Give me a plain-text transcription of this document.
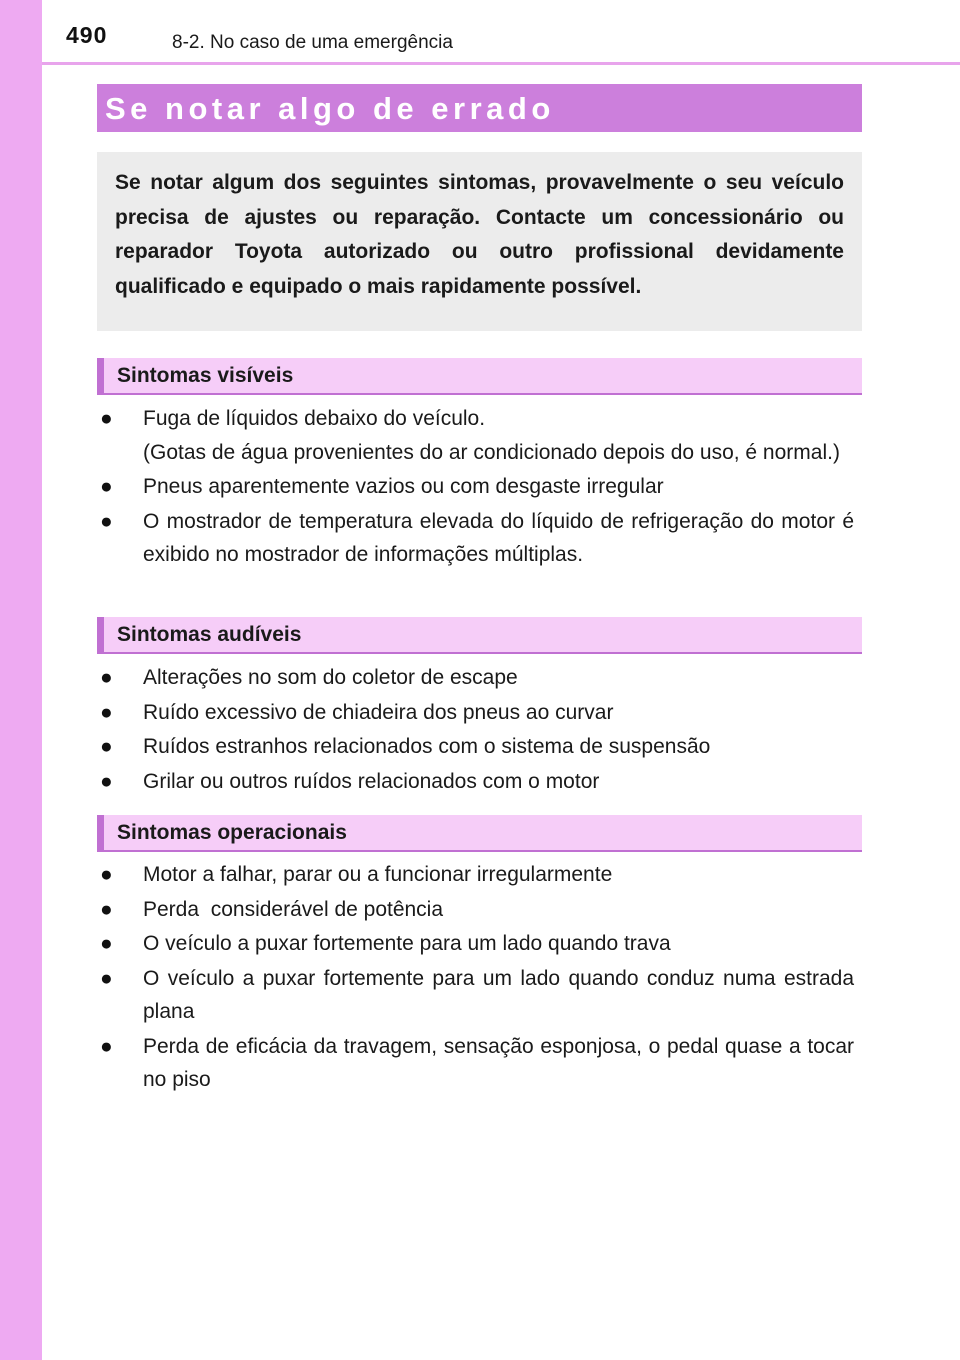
490	8-2. No caso de uma emergência
Se notar algo de errado

Se notar algum dos seguintes sintomas, provavelmente o seu veículo precisa de ajustes ou reparação. Contacte um concessionário ou reparador Toyota autorizado ou outro profissional devidamente qualificado e equipado o mais rapidamente possível.

Sintomas visíveis
● Fuga de líquidos debaixo do veículo.
(Gotas de água provenientes do ar condicionado depois do uso, é normal.)
● Pneus aparentemente vazios ou com desgaste irregular
● O mostrador de temperatura elevada do líquido de refrigeração do motor é exibido no mostrador de informações múltiplas.
Sintomas audíveis
● Alterações no som do coletor de escape
● Ruído excessivo de chiadeira dos pneus ao curvar
● Ruídos estranhos relacionados com o sistema de suspensão
● Grilar ou outros ruídos relacionados com o motor
Sintomas operacionais
● Motor a falhar, parar ou a funcionar irregularmente
● Perda  considerável de potência
● O veículo a puxar fortemente para um lado quando trava
● O veículo a puxar fortemente para um lado quando conduz numa estrada plana
● Perda de eficácia da travagem, sensação esponjosa, o pedal quase a tocar no piso
